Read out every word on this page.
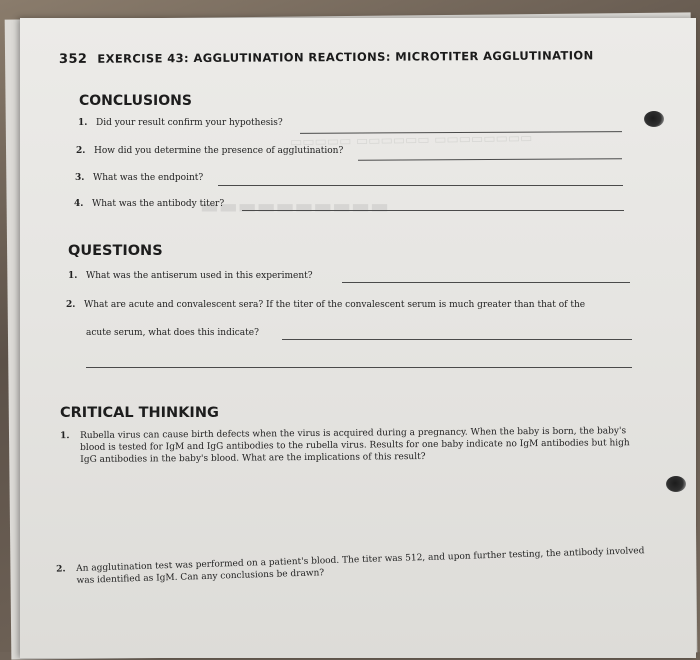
▭▭▭▭▭ ▭▭▭▭▭▭ ▭▭▭▭▭▭▭▭
▬▬▬▬▬▬▬▬▬▬
352 EXERCISE 43: AGGLUTINATION REACTIONS: MICROTITER AGGLUTINATION
CONCLUSIONS
1. Did your result confirm your hypothesis?
2. How did you determine the presence of agglutination?
3. What was the endpoint?
4. What was the antibody titer?
QUESTIONS
1. What was the antiserum used in this experiment?
2. What are acute and convalescent sera? If the titer of the convalescent serum is much greater than that of the
acute serum, what does this indicate?
CRITICAL THINKING
1. Rubella virus can cause birth defects when the virus is acquired during a pregnancy. When the baby is born, the baby's blood is tested for IgM and IgG antibodies to the rubella virus. Results for one baby indicate no IgM antibodies but high IgG antibodies in the baby's blood. What are the implications of this result?
2. An agglutination test was performed on a patient's blood. The titer was 512, and upon further testing, the antibody involved was identified as IgM. Can any conclusions be drawn?
